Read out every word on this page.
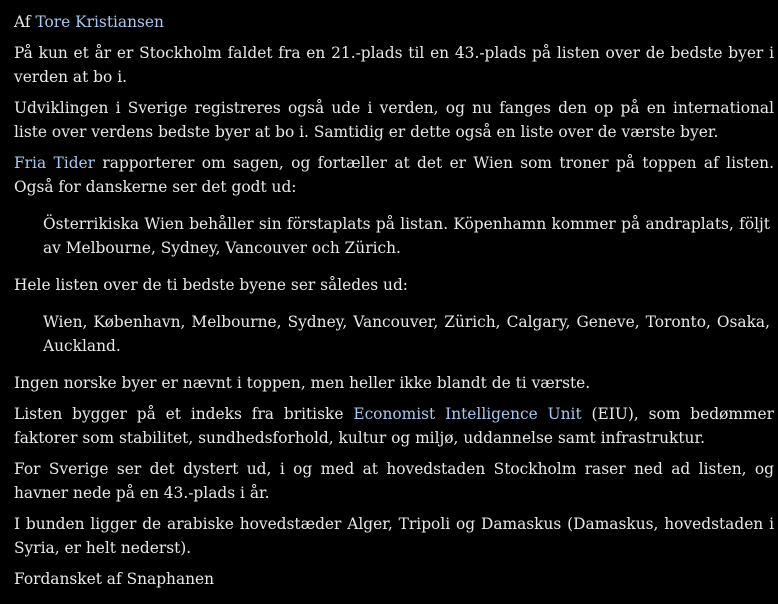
Af Tore Kristiansen

På kun et år er Stockholm faldet fra en 21.-plads til en 43.-plads på listen over de bedste byer i verden at bo i.

Udviklingen i Sverige registreres også ude i verden, og nu fanges den op på en international liste over verdens bedste byer at bo i. Samtidig er dette også en liste over de værste byer.

Fria Tider rapporterer om sagen, og fortæller at det er Wien som troner på toppen af listen. Også for danskerne ser det godt ud:

Österrikiska Wien behåller sin förstaplats på listan. Köpenhamn kommer på andraplats, följt av Melbourne, Sydney, Vancouver och Zürich.

Hele listen over de ti bedste byene ser således ud:

Wien, København, Melbourne, Sydney, Vancouver, Zürich, Calgary, Geneve, Toronto, Osaka, Auckland.

Ingen norske byer er nævnt i toppen, men heller ikke blandt de ti værste.

Listen bygger på et indeks fra britiske Economist Intelligence Unit (EIU), som bedømmer faktorer som stabilitet, sundhedsforhold, kultur og miljø, uddannelse samt infrastruktur.

For Sverige ser det dystert ud, i og med at hovedstaden Stockholm raser ned ad listen, og havner nede på en 43.-plads i år.

I bunden ligger de arabiske hovedstæder Alger, Tripoli og Damaskus (Damaskus, hovedstaden i Syria, er helt nederst).

Fordansket af Snaphanen
